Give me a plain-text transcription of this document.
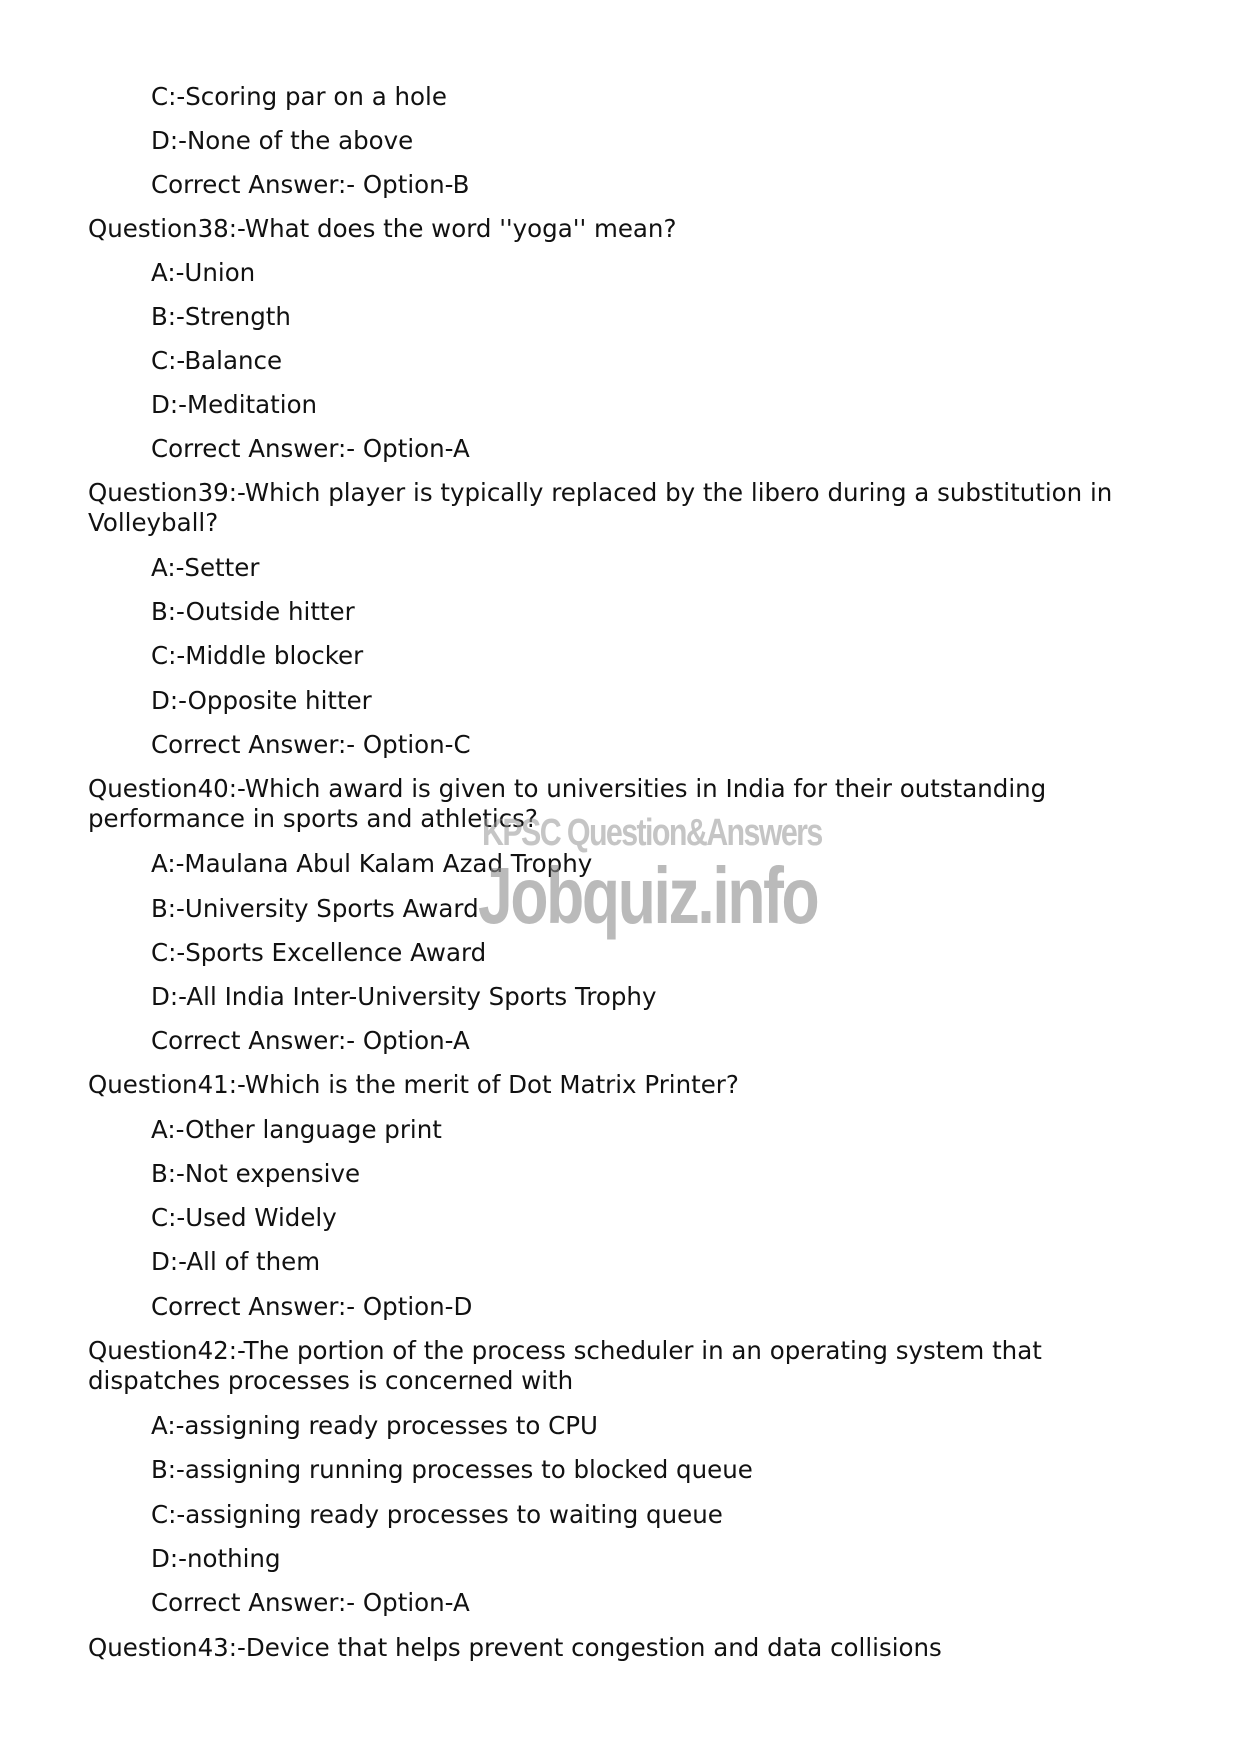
C:-Scoring par on a hole
D:-None of the above
Correct Answer:- Option-B
Question38:-What does the word ''yoga'' mean?
A:-Union
B:-Strength
C:-Balance
D:-Meditation
Correct Answer:- Option-A
Question39:-Which player is typically replaced by the libero during a substitution in Volleyball?
A:-Setter
B:-Outside hitter
C:-Middle blocker
D:-Opposite hitter
Correct Answer:- Option-C
Question40:-Which award is given to universities in India for their outstanding performance in sports and athletics?
A:-Maulana Abul Kalam Azad Trophy
B:-University Sports Award
C:-Sports Excellence Award
D:-All India Inter-University Sports Trophy
Correct Answer:- Option-A
Question41:-Which is the merit of Dot Matrix Printer?
A:-Other language print
B:-Not expensive
C:-Used Widely
D:-All of them
Correct Answer:- Option-D
Question42:-The portion of the process scheduler in an operating system that dispatches processes is concerned with
A:-assigning ready processes to CPU
B:-assigning running processes to blocked queue
C:-assigning ready processes to waiting queue
D:-nothing
Correct Answer:- Option-A
Question43:-Device that helps prevent congestion and data collisions
KPSC Question&Answers
Jobquiz.info
